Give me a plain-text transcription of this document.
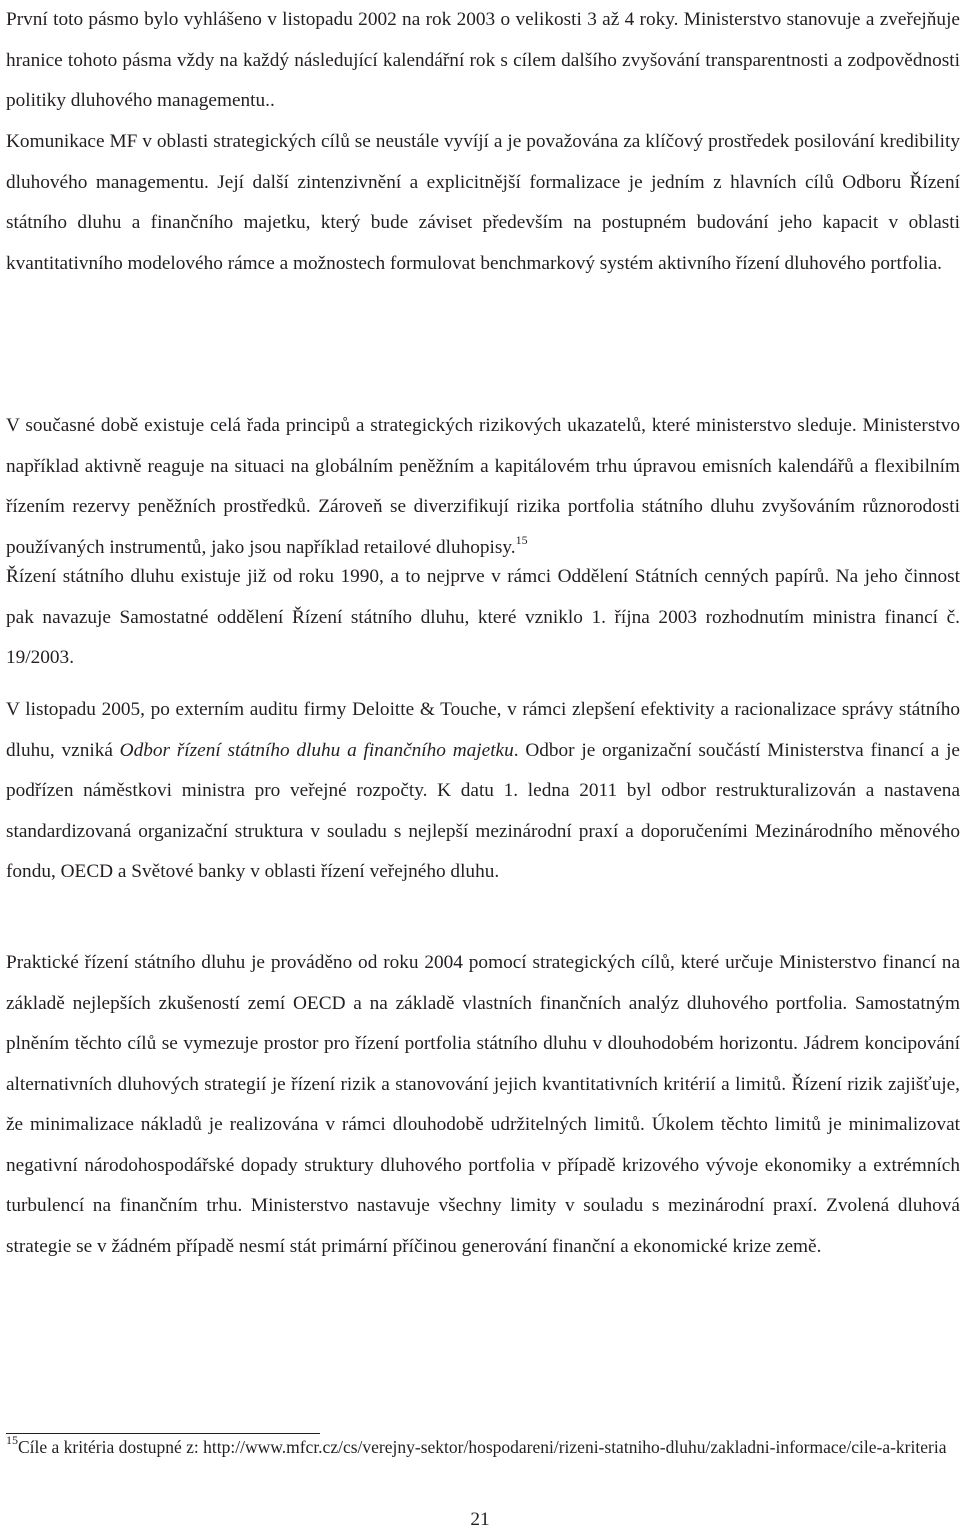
První toto pásmo bylo vyhlášeno v listopadu 2002 na rok 2003 o velikosti 3 až 4 roky. Ministerstvo stanovuje a zveřejňuje hranice tohoto pásma vždy na každý následující kalendářní rok s cílem dalšího zvyšování transparentnosti a zodpovědnosti politiky dluhového managementu..

Komunikace MF v oblasti strategických cílů se neustále vyvíjí a je považována za klíčový prostředek posilování kredibility dluhového managementu. Její další zintenzivnění a explicitnější formalizace je jedním z hlavních cílů Odboru Řízení státního dluhu a finančního majetku, který bude záviset především na postupném budování jeho kapacit v oblasti kvantitativního modelového rámce a možnostech formulovat benchmarkový systém aktivního řízení dluhového portfolia.

V současné době existuje celá řada principů a strategických rizikových ukazatelů, které ministerstvo sleduje. Ministerstvo například aktivně reaguje na situaci na globálním peněžním a kapitálovém trhu úpravou emisních kalendářů a flexibilním řízením rezervy peněžních prostředků. Zároveň se diverzifikují rizika portfolia státního dluhu zvyšováním různorodosti používaných instrumentů, jako jsou například retailové dluhopisy.$^{15}$

Řízení státního dluhu existuje již od roku 1990, a to nejprve v rámci Oddělení Státních cenných papírů. Na jeho činnost pak navazuje Samostatné oddělení Řízení státního dluhu, které vzniklo 1. října 2003 rozhodnutím ministra financí č. 19/2003.

V listopadu 2005, po externím auditu firmy Deloitte & Touche, v rámci zlepšení efektivity a racionalizace správy státního dluhu, vzniká Odbor řízení státního dluhu a finančního majetku. Odbor je organizační součástí Ministerstva financí a je podřízen náměstkovi ministra pro veřejné rozpočty. K datu 1. ledna 2011 byl odbor restrukturalizován a nastavena standardizovaná organizační struktura v souladu s nejlepší mezinárodní praxí a doporučeními Mezinárodního měnového fondu, OECD a Světové banky v oblasti řízení veřejného dluhu.

Praktické řízení státního dluhu je prováděno od roku 2004 pomocí strategických cílů, které určuje Ministerstvo financí na základě nejlepších zkušeností zemí OECD a na základě vlastních finančních analýz dluhového portfolia. Samostatným plněním těchto cílů se vymezuje prostor pro řízení portfolia státního dluhu v dlouhodobém horizontu. Jádrem koncipování alternativních dluhových strategií je řízení rizik a stanovování jejich kvantitativních kritérií a limitů. Řízení rizik zajišťuje, že minimalizace nákladů je realizována v rámci dlouhodobě udržitelných limitů. Úkolem těchto limitů je minimalizovat negativní národohospodářské dopady struktury dluhového portfolia v případě krizového vývoje ekonomiky a extrémních turbulencí na finančním trhu. Ministerstvo nastavuje všechny limity v souladu s mezinárodní praxí. Zvolená dluhová strategie se v žádném případě nesmí stát primární příčinou generování finanční a ekonomické krize země.

$^{15}$Cíle a kritéria dostupné z: http://www.mfcr.cz/cs/verejny-sektor/hospodareni/rizeni-statniho-dluhu/zakladni-informace/cile-a-kriteria
21
